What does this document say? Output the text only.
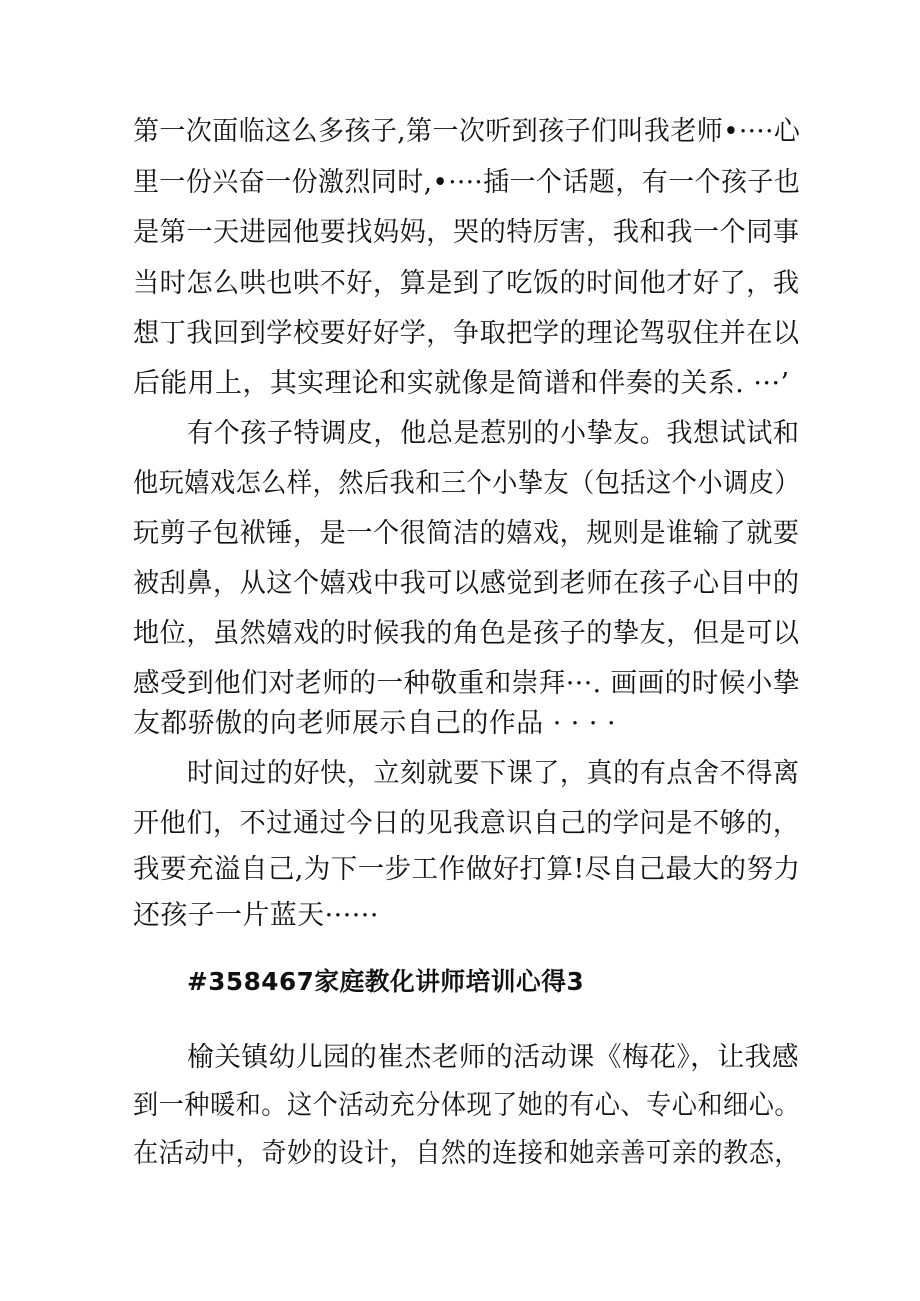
第一次面临这么多孩子,第一次听到孩子们叫我老师•····心
里一份兴奋一份激烈同时,•····插一个话题，有一个孩子也
是第一天进园他要找妈妈，哭的特厉害，我和我一个同事
当时怎么哄也哄不好，算是到了吃饭的时间他才好了，我
想丁我回到学校要好好学，争取把学的理论驾驭住并在以
后能用上，其实理论和实就像是简谱和伴奏的关系. ···’
有个孩子特调皮，他总是惹别的小挚友。我想试试和
他玩嬉戏怎么样，然后我和三个小挚友（包括这个小调皮）
玩剪子包袱锤，是一个很简洁的嬉戏，规则是谁输了就要
被刮鼻，从这个嬉戏中我可以感觉到老师在孩子心目中的
地位，虽然嬉戏的时候我的角色是孩子的挚友，但是可以
感受到他们对老师的一种敬重和崇拜···. 画画的时候小挚
友都骄傲的向老师展示自己的作品 · · · ·
时间过的好快，立刻就要下课了，真的有点舍不得离
开他们，不过通过今日的见我意识自己的学问是不够的，
我要充溢自己,为下一步工作做好打算!尽自己最大的努力
还孩子一片蓝天······
#358467家庭教化讲师培训心得3
榆关镇幼儿园的崔杰老师的活动课《梅花》，让我感
到一种暖和。这个活动充分体现了她的有心、专心和细心。
在活动中，奇妙的设计，自然的连接和她亲善可亲的教态，
